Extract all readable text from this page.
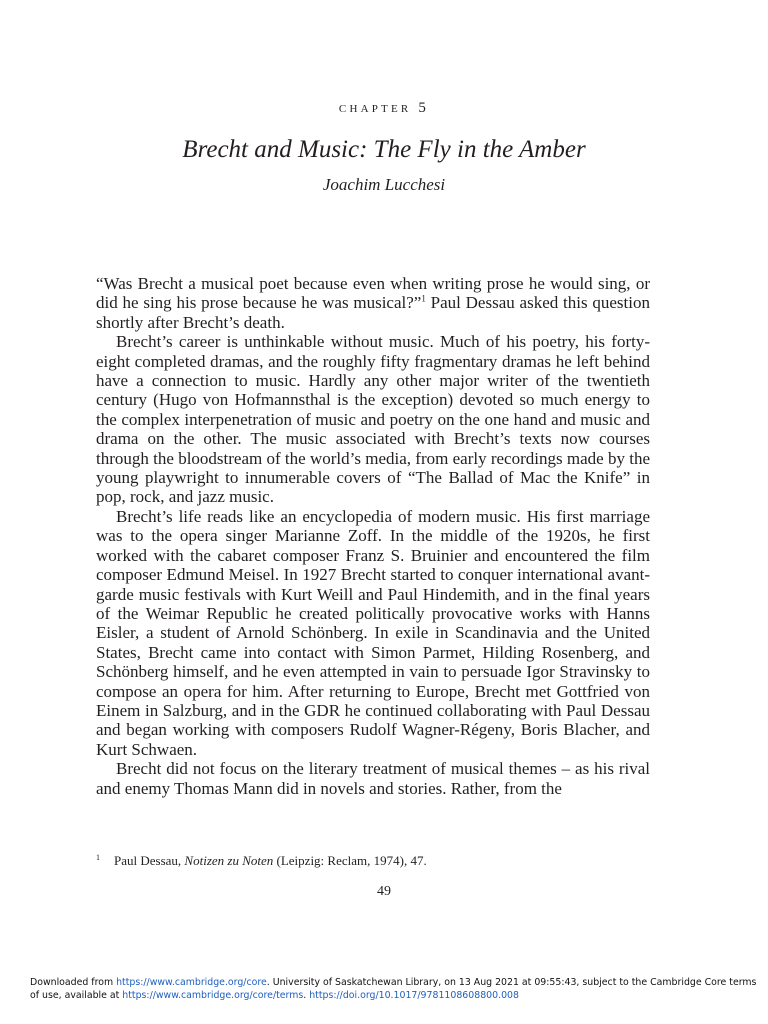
chapter 5
Brecht and Music: The Fly in the Amber
Joachim Lucchesi

“Was Brecht a musical poet because even when writing prose he would sing, or did he sing his prose because he was musical?”$^1$ Paul Dessau asked this question shortly after Brecht’s death.

Brecht’s career is unthinkable without music. Much of his poetry, his forty-eight completed dramas, and the roughly fifty fragmentary dramas he left behind have a connection to music. Hardly any other major writer of the twentieth century (Hugo von Hofmannsthal is the exception) devoted so much energy to the complex interpenetration of music and poetry on the one hand and music and drama on the other. The music associated with Brecht’s texts now courses through the bloodstream of the world’s media, from early recordings made by the young playwright to innumerable covers of “The Ballad of Mac the Knife” in pop, rock, and jazz music.

Brecht’s life reads like an encyclopedia of modern music. His first marriage was to the opera singer Marianne Zoff. In the middle of the 1920s, he first worked with the cabaret composer Franz S. Bruinier and encountered the film composer Edmund Meisel. In 1927 Brecht started to conquer international avant-garde music festivals with Kurt Weill and Paul Hindemith, and in the final years of the Weimar Republic he created politically provocative works with Hanns Eisler, a student of Arnold Schönberg. In exile in Scandinavia and the United States, Brecht came into contact with Simon Parmet, Hilding Rosenberg, and Schönberg himself, and he even attempted in vain to persuade Igor Stravinsky to compose an opera for him. After returning to Europe, Brecht met Gottfried von Einem in Salzburg, and in the GDR he continued collaborating with Paul Dessau and began working with composers Rudolf Wagner-Régeny, Boris Blacher, and Kurt Schwaen.

Brecht did not focus on the literary treatment of musical themes – as his rival and enemy Thomas Mann did in novels and stories. Rather, from the

1 Paul Dessau, Notizen zu Noten (Leipzig: Reclam, 1974), 47.
49
Downloaded from https://www.cambridge.org/core. University of Saskatchewan Library, on 13 Aug 2021 at 09:55:43, subject to the Cambridge Core terms of use, available at https://www.cambridge.org/core/terms. https://doi.org/10.1017/9781108608800.008
